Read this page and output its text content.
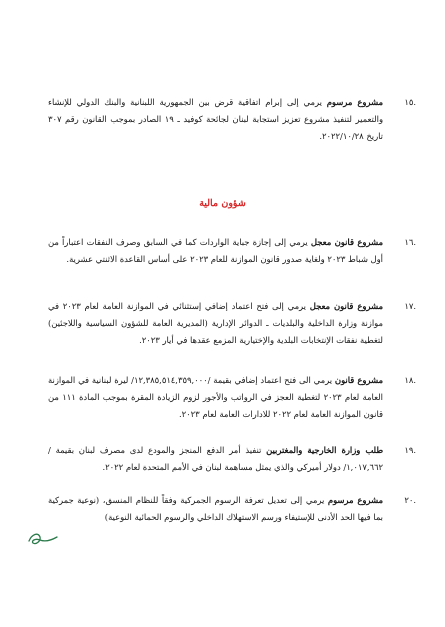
١٥.
مشروع مرسوم يرمي إلى إبرام اتفاقية قرض بين الجمهورية اللبنانية والبنك الدولي للإنشاء والتعمير لتنفيذ مشروع تعزيز استجابة لبنان لجائحة كوفيد ـ ١٩ الصادر بموجب القانون رقم ٣٠٧ تاريخ ٢٠٢٢/١٠/٢٨.
شؤون مالية
١٦.
مشروع قانون معجل يرمي إلى إجازة جباية الواردات كما في السابق وصرف النفقات اعتباراً من أول شباط ٢٠٢٣ ولغاية صدور قانون الموازنة للعام ٢٠٢٣ على أساس القاعدة الاثنتي عشرية.
١٧.
مشروع قانون معجل يرمي إلى فتح اعتماد إضافي إستثنائي في الموازنة العامة لعام ٢٠٢٣ في موازنة وزارة الداخلية والبلديات ـ الدوائر الإدارية (المديرية العامة للشؤون السياسية واللاجئين) لتغطية نفقات الإنتخابات البلدية والإختيارية المزمع عقدها في أيار ٢٠٢٣.
١٨.
مشروع قانون يرمي الى فتح اعتماد إضافي بقيمة /١٢,٣٨٥,٥١٤,٣٥٩,٠٠٠/ ليرة لبنانية في الموازنة العامة لعام ٢٠٢٣ لتغطية العجز في الرواتب والأجور لزوم الزيادة المقرة بموجب المادة ١١١ من قانون الموازنة العامة لعام ٢٠٢٢ للادارات العامة لعام ٢٠٢٣.
١٩.
طلب وزارة الخارجية والمغتربين تنفيذ أمر الدفع المنجز والمودع لدى مصرف لبنان بقيمة /١,٠١٧,٦٦٢/ دولار أميركي والذي يمثل مساهمة لبنان في الأمم المتحدة لعام ٢٠٢٢.
٢٠.
مشروع مرسوم يرمي إلى تعديل تعرفة الرسوم الجمركية وفقاً للنظام المنسق، (نوعية جمركية بما فيها الحد الأدنى للإستيفاء ورسم الاستهلاك الداخلي والرسوم الحمائية النوعية)
